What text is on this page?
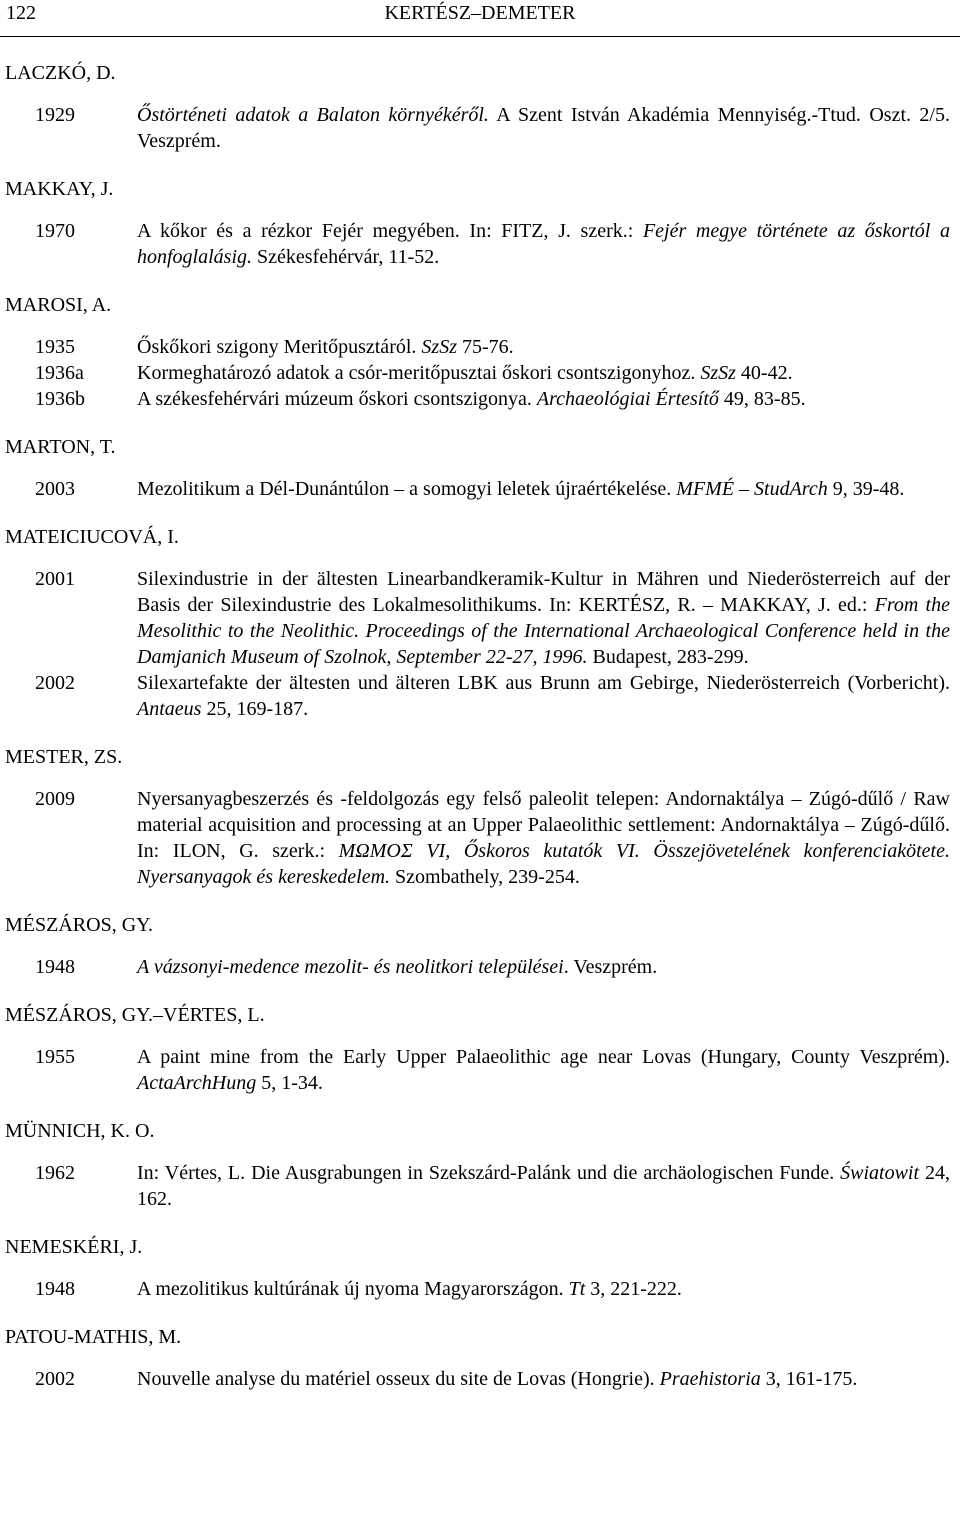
122	KERTÉSZ–DEMETER
LACZKÓ, D.
1929	Őstörténeti adatok a Balaton környékéről. A Szent István Akadémia Mennyiség.-Ttud. Oszt. 2/5. Veszprém.
MAKKAY, J.
1970	A kőkor és a rézkor Fejér megyében. In: FITZ, J. szerk.: Fejér megye története az őskortól a honfoglalásig. Székesfehérvár, 11-52.
MAROSI, A.
1935	Őskőkori szigony Meritőpusztáról. SzSz 75-76.
1936a	Kormeghatározó adatok a csór-meritőpusztai őskori csontszigonyhoz. SzSz 40-42.
1936b	A székesfehérvári múzeum őskori csontszigonya. Archaeológiai Értesítő 49, 83-85.
MARTON, T.
2003	Mezolitikum a Dél-Dunántúlon – a somogyi leletek újraértékelése. MFMÉ – StudArch 9, 39-48.
MATEICIUCOVÁ, I.
2001	Silexindustrie in der ältesten Linearbandkeramik-Kultur in Mähren und Niederösterreich auf der Basis der Silexindustrie des Lokalmesolithikums. In: KERTÉSZ, R. – MAKKAY, J. ed.: From the Mesolithic to the Neolithic. Proceedings of the International Archaeological Conference held in the Damjanich Museum of Szolnok, September 22-27, 1996. Budapest, 283-299.
2002	Silexartefakte der ältesten und älteren LBK aus Brunn am Gebirge, Niederösterreich (Vorbericht). Antaeus 25, 169-187.
MESTER, ZS.
2009	Nyersanyagbeszerzés és -feldolgozás egy felső paleolit telepen: Andornaktálya – Zúgó-dűlő / Raw material acquisition and processing at an Upper Palaeolithic settlement: Andornaktálya – Zúgó-dűlő. In: ILON, G. szerk.: ΜΩΜΟΣ VI, Őskoros kutatók VI. Összejövetelének konferenciakötete. Nyersanyagok és kereskedelem. Szombathely, 239-254.
MÉSZÁROS, GY.
1948	A vázsonyi-medence mezolit- és neolitkori települései. Veszprém.
MÉSZÁROS, GY.–VÉRTES, L.
1955	A paint mine from the Early Upper Palaeolithic age near Lovas (Hungary, County Veszprém). ActaArchHung 5, 1-34.
MÜNNICH, K. O.
1962	In: Vértes, L. Die Ausgrabungen in Szekszárd-Palánk und die archäologischen Funde. Światowit 24, 162.
NEMESKÉRI, J.
1948	A mezolitikus kultúrának új nyoma Magyarországon. Tt 3, 221-222.
PATOU-MATHIS, M.
2002	Nouvelle analyse du matériel osseux du site de Lovas (Hongrie). Praehistoria 3, 161-175.
